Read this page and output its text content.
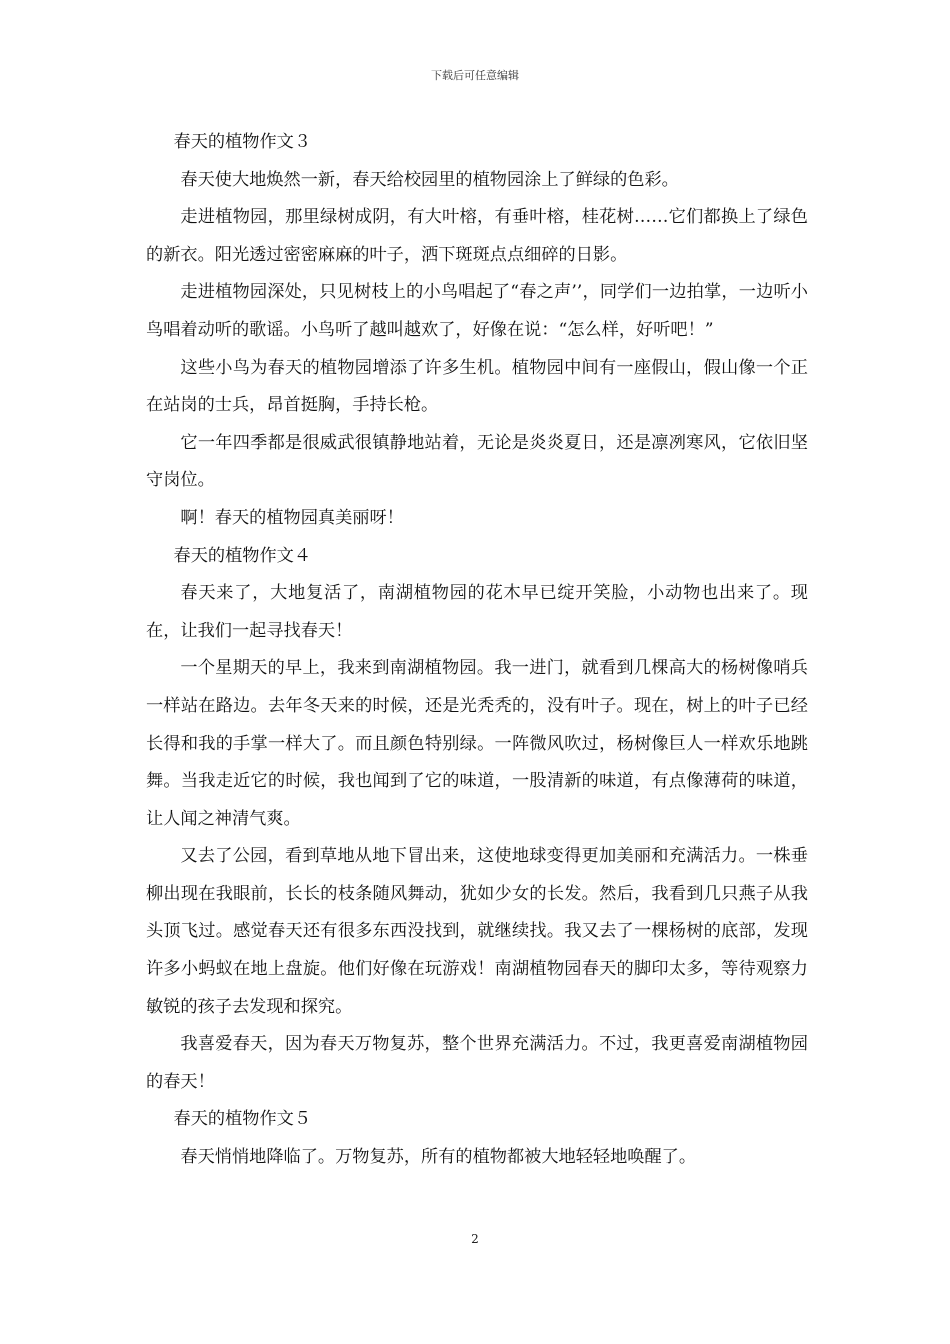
下载后可任意编辑

春天的植物作文３

春天使大地焕然一新，春天给校园里的植物园涂上了鲜绿的色彩。

走进植物园，那里绿树成阴，有大叶榕，有垂叶榕，桂花树……它们都换上了绿色的新衣。阳光透过密密麻麻的叶子，洒下斑斑点点细碎的日影。

走进植物园深处，只见树枝上的小鸟唱起了“春之声’’，同学们一边拍掌，一边听小鸟唱着动听的歌谣。小鸟听了越叫越欢了，好像在说：“怎么样，好听吧！”

这些小鸟为春天的植物园增添了许多生机。植物园中间有一座假山，假山像一个正在站岗的士兵，昂首挺胸，手持长枪。

它一年四季都是很威武很镇静地站着，无论是炎炎夏日，还是凛冽寒风，它依旧坚守岗位。

啊！春天的植物园真美丽呀！

春天的植物作文４

春天来了，大地复活了，南湖植物园的花木早已绽开笑脸，小动物也出来了。现在，让我们一起寻找春天！

一个星期天的早上，我来到南湖植物园。我一进门，就看到几棵高大的杨树像哨兵一样站在路边。去年冬天来的时候，还是光秃秃的，没有叶子。现在，树上的叶子已经长得和我的手掌一样大了。而且颜色特别绿。一阵微风吹过，杨树像巨人一样欢乐地跳舞。当我走近它的时候，我也闻到了它的味道，一股清新的味道，有点像薄荷的味道，让人闻之神清气爽。

又去了公园，看到草地从地下冒出来，这使地球变得更加美丽和充满活力。一株垂柳出现在我眼前，长长的枝条随风舞动，犹如少女的长发。然后，我看到几只燕子从我头顶飞过。感觉春天还有很多东西没找到，就继续找。我又去了一棵杨树的底部，发现许多小蚂蚁在地上盘旋。他们好像在玩游戏！南湖植物园春天的脚印太多，等待观察力敏锐的孩子去发现和探究。

我喜爱春天，因为春天万物复苏，整个世界充满活力。不过，我更喜爱南湖植物园的春天！

春天的植物作文５

春天悄悄地降临了。万物复苏，所有的植物都被大地轻轻地唤醒了。

2
